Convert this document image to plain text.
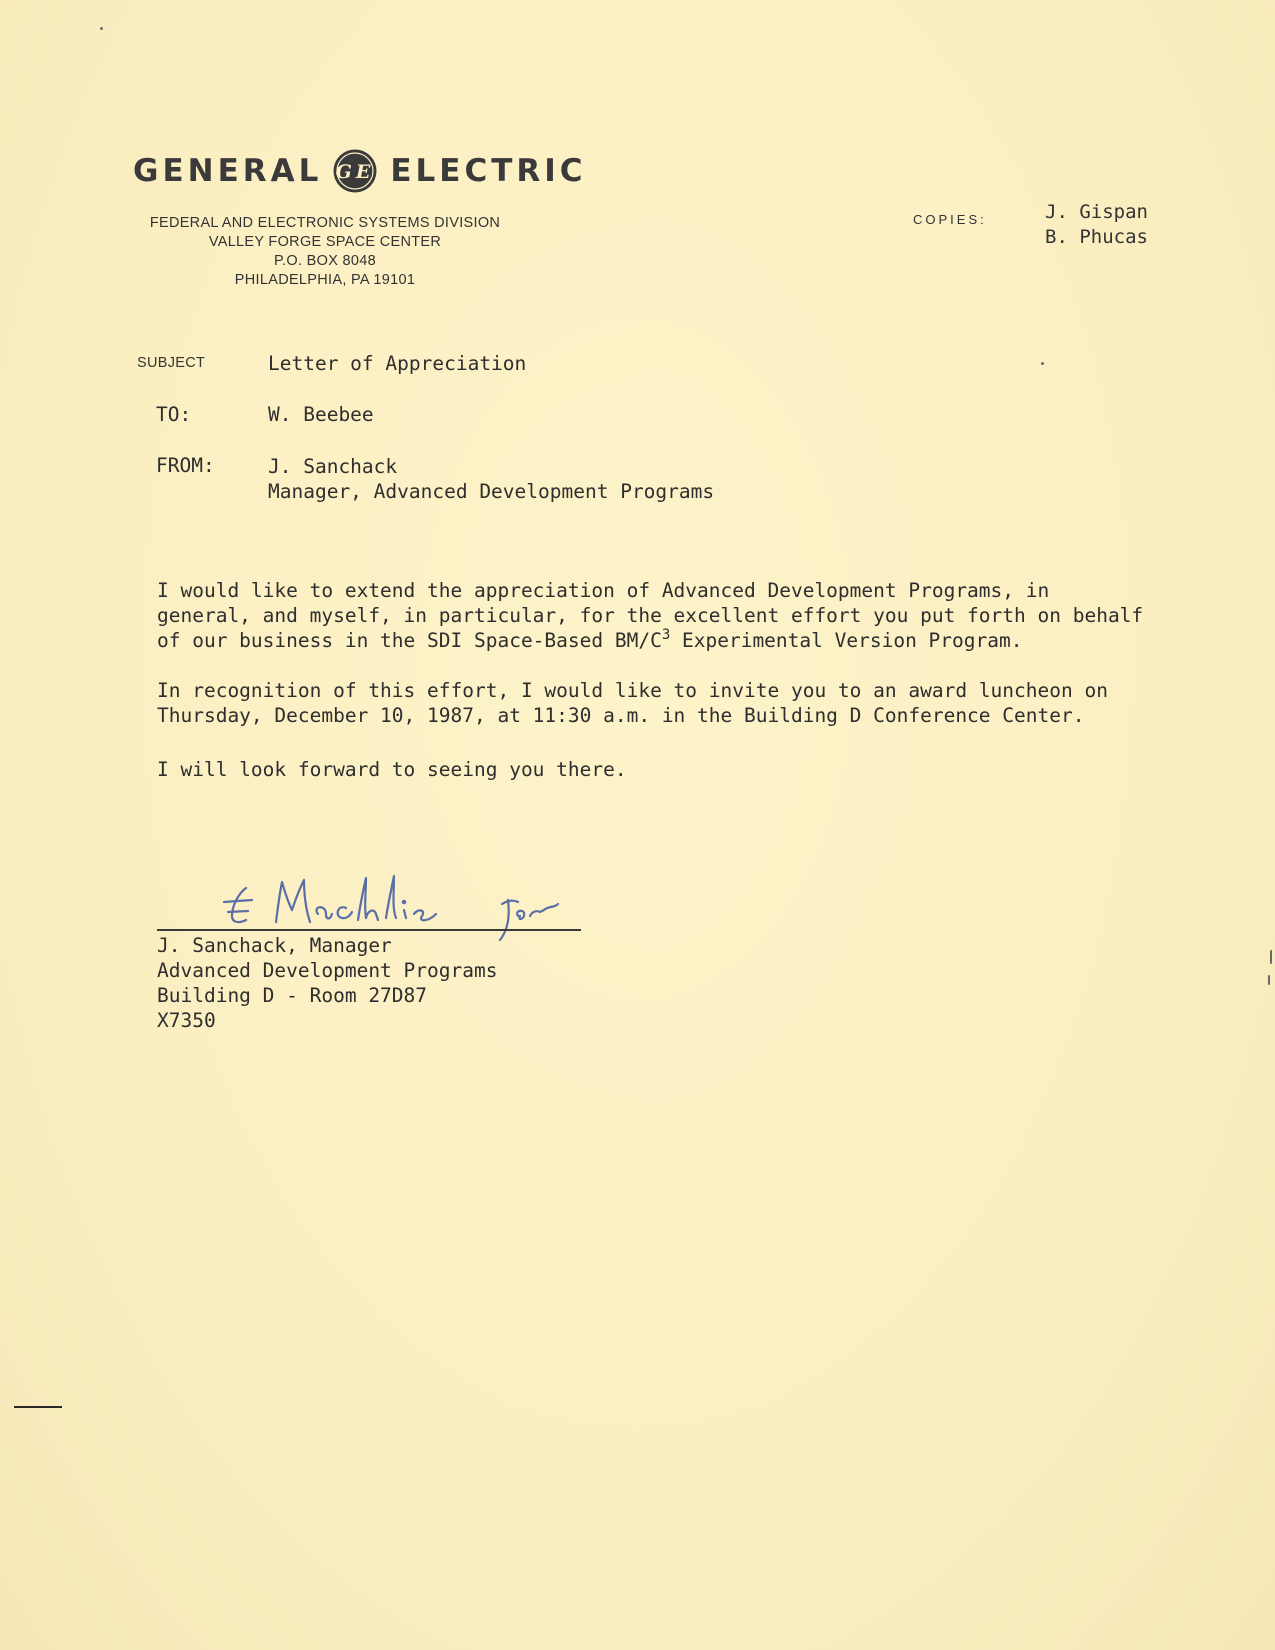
GENERAL GE ELECTRIC
FEDERAL AND ELECTRONIC SYSTEMS DIVISION
VALLEY FORGE SPACE CENTER
P.O. BOX 8048
PHILADELPHIA, PA 19101
COPIES:	J. Gispan
B. Phucas
SUBJECT	Letter of Appreciation
TO:	W. Beebee
FROM:	J. Sanchack
Manager, Advanced Development Programs
I would like to extend the appreciation of Advanced Development Programs, in
general, and myself, in particular, for the excellent effort you put forth on behalf
of our business in the SDI Space-Based $BM/C^3$ Experimental Version Program.
In recognition of this effort, I would like to invite you to an award luncheon on
Thursday, December 10, 1987, at 11:30 a.m. in the Building D Conference Center.
I will look forward to seeing you there.
J. Sanchack, Manager
Advanced Development Programs
Building D - Room 27D87
X7350
